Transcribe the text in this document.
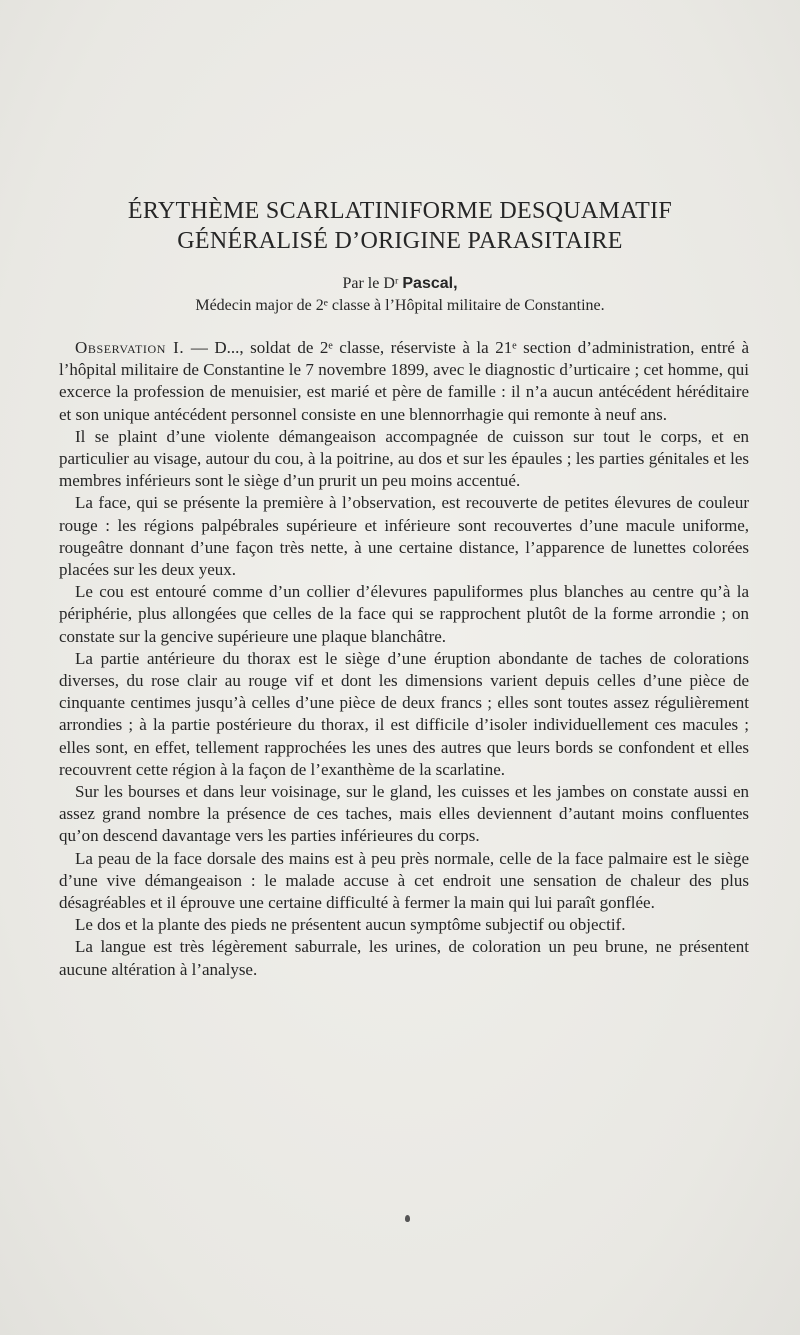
ÉRYTHÈME SCARLATINIFORME DESQUAMATIF GÉNÉRALISÉ D’ORIGINE PARASITAIRE
Par le Dʳ Pascal,
Médecin major de 2ᵉ classe à l’Hôpital militaire de Constantine.

Observation I. — D..., soldat de 2ᵉ classe, réserviste à la 21ᵉ section d’administration, entré à l’hôpital militaire de Constantine le 7 novembre 1899, avec le diagnostic d’urticaire ; cet homme, qui excerce la profession de menuisier, est marié et père de famille : il n’a aucun antécédent héréditaire et son unique antécédent personnel consiste en une blennorrhagie qui remonte à neuf ans.

Il se plaint d’une violente démangeaison accompagnée de cuisson sur tout le corps, et en particulier au visage, autour du cou, à la poitrine, au dos et sur les épaules ; les parties génitales et les membres inférieurs sont le siège d’un prurit un peu moins accentué.

La face, qui se présente la première à l’observation, est recouverte de petites élevures de couleur rouge : les régions palpébrales supérieure et inférieure sont recouvertes d’une macule uniforme, rougeâtre donnant d’une façon très nette, à une certaine distance, l’apparence de lunettes colorées placées sur les deux yeux.

Le cou est entouré comme d’un collier d’élevures papuliformes plus blanches au centre qu’à la périphérie, plus allongées que celles de la face qui se rapprochent plutôt de la forme arrondie ; on constate sur la gencive supérieure une plaque blanchâtre.

La partie antérieure du thorax est le siège d’une éruption abondante de taches de colorations diverses, du rose clair au rouge vif et dont les dimensions varient depuis celles d’une pièce de cinquante centimes jusqu’à celles d’une pièce de deux francs ; elles sont toutes assez régulièrement arrondies ; à la partie postérieure du thorax, il est difficile d’isoler individuellement ces macules ; elles sont, en effet, tellement rapprochées les unes des autres que leurs bords se confondent et elles recouvrent cette région à la façon de l’exanthème de la scarlatine.

Sur les bourses et dans leur voisinage, sur le gland, les cuisses et les jambes on constate aussi en assez grand nombre la présence de ces taches, mais elles deviennent d’autant moins confluentes qu’on descend davantage vers les parties inférieures du corps.

La peau de la face dorsale des mains est à peu près normale, celle de la face palmaire est le siège d’une vive démangeaison : le malade accuse à cet endroit une sensation de chaleur des plus désagréables et il éprouve une certaine difficulté à fermer la main qui lui paraît gonflée.

Le dos et la plante des pieds ne présentent aucun symptôme subjectif ou objectif.

La langue est très légèrement saburrale, les urines, de coloration un peu brune, ne présentent aucune altération à l’analyse.
